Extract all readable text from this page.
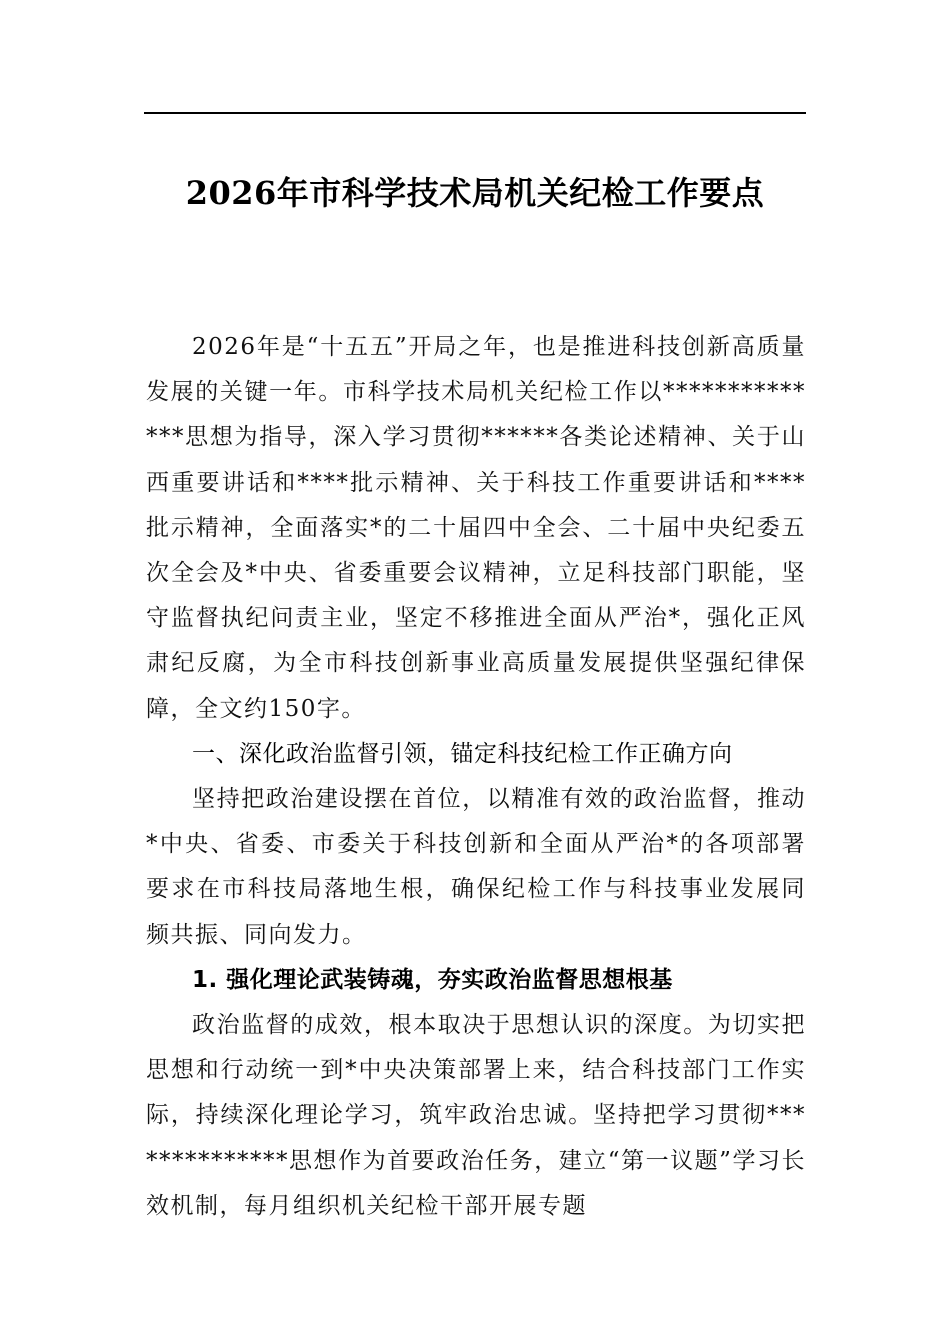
2026年市科学技术局机关纪检工作要点

2026年是“十五五”开局之年，也是推进科技创新高质量发展的关键一年。市科学技术局机关纪检工作以**************思想为指导，深入学习贯彻******各类论述精神、关于山西重要讲话和****批示精神、关于科技工作重要讲话和****批示精神，全面落实*的二十届四中全会、二十届中央纪委五次全会及*中央、省委重要会议精神，立足科技部门职能，坚守监督执纪问责主业，坚定不移推进全面从严治*，强化正风肃纪反腐，为全市科技创新事业高质量发展提供坚强纪律保障，全文约150字。

一、深化政治监督引领，锚定科技纪检工作正确方向

坚持把政治建设摆在首位，以精准有效的政治监督，推动*中央、省委、市委关于科技创新和全面从严治*的各项部署要求在市科技局落地生根，确保纪检工作与科技事业发展同频共振、同向发力。

1. 强化理论武装铸魂，夯实政治监督思想根基

政治监督的成效，根本取决于思想认识的深度。为切实把思想和行动统一到*中央决策部署上来，结合科技部门工作实际，持续深化理论学习，筑牢政治忠诚。坚持把学习贯彻**************思想作为首要政治任务，建立“第一议题”学习长效机制，每月组织机关纪检干部开展专题
